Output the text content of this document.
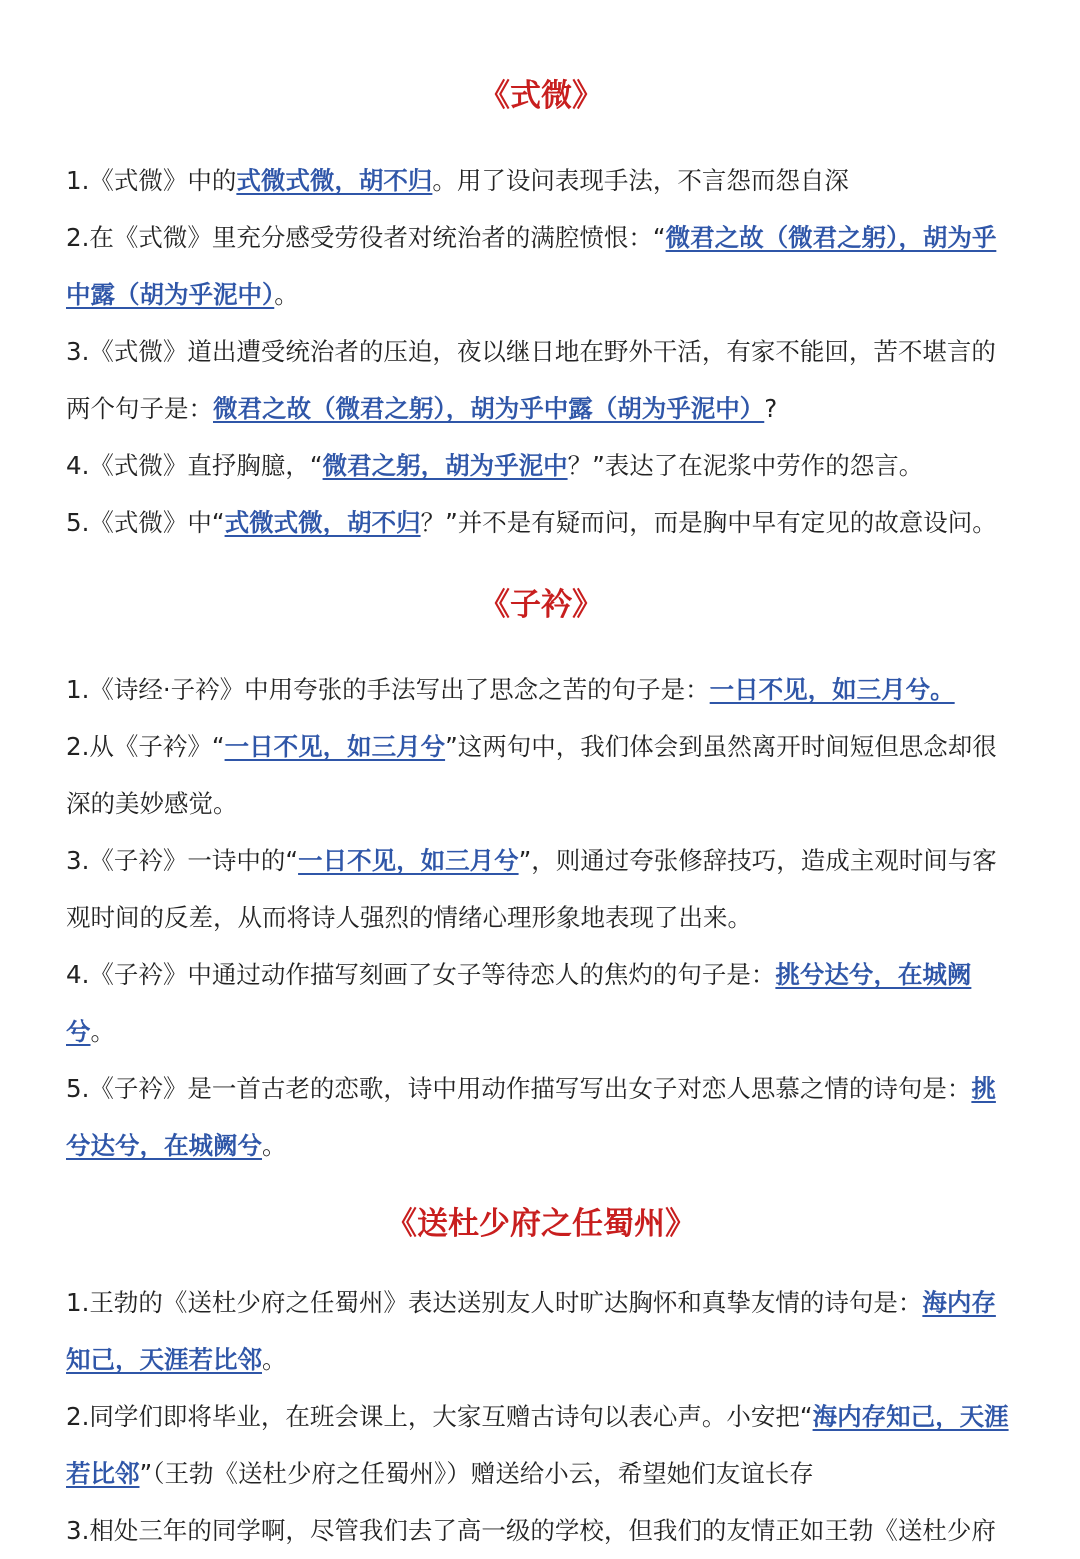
《式微》

1.《式微》中的式微式微，胡不归。用了设问表现手法，不言怨而怨自深

2.在《式微》里充分感受劳役者对统治者的满腔愤恨：“微君之故（微君之躬），胡为乎中露（胡为乎泥中）。

3.《式微》道出遭受统治者的压迫，夜以继日地在野外干活，有家不能回，苦不堪言的两个句子是：微君之故（微君之躬），胡为乎中露（胡为乎泥中）?

4.《式微》直抒胸臆，“微君之躬，胡为乎泥中？”表达了在泥浆中劳作的怨言。

5.《式微》中“式微式微，胡不归？”并不是有疑而问，而是胸中早有定见的故意设问。

《子衿》

1.《诗经·子衿》中用夸张的手法写出了思念之苦的句子是：一日不见，如三月兮。

2.从《子衿》“一日不见，如三月兮”这两句中，我们体会到虽然离开时间短但思念却很深的美妙感觉。

3.《子衿》一诗中的“一日不见，如三月兮”，则通过夸张修辞技巧，造成主观时间与客观时间的反差，从而将诗人强烈的情绪心理形象地表现了出来。

4.《子衿》中通过动作描写刻画了女子等待恋人的焦灼的句子是：挑兮达兮，在城阙兮。

5.《子衿》是一首古老的恋歌，诗中用动作描写写出女子对恋人思慕之情的诗句是：挑兮达兮，在城阙兮。

《送杜少府之任蜀州》

1.王勃的《送杜少府之任蜀州》表达送别友人时旷达胸怀和真挚友情的诗句是：海内存知己，天涯若比邻。

2.同学们即将毕业，在班会课上，大家互赠古诗句以表心声。小安把“海内存知己，天涯若比邻”（王勃《送杜少府之任蜀州》）赠送给小云，希望她们友谊长存

3.相处三年的同学啊，尽管我们去了高一级的学校，但我们的友情正如王勃《送杜少府
